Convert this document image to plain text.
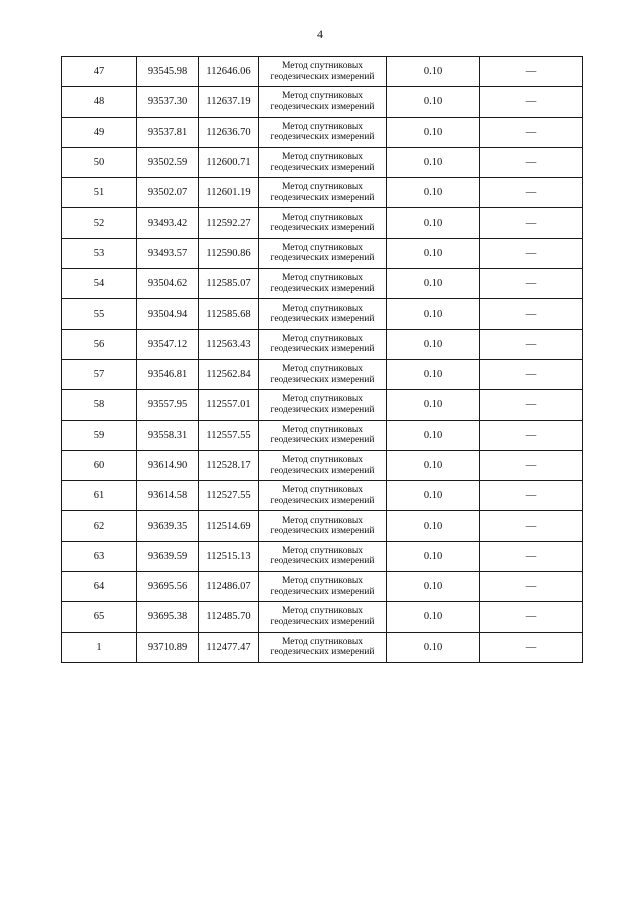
4
47	93545.98	112646.06	Метод спутниковых
геодезических измерений	0.10	—
48	93537.30	112637.19	Метод спутниковых
геодезических измерений	0.10	—
49	93537.81	112636.70	Метод спутниковых
геодезических измерений	0.10	—
50	93502.59	112600.71	Метод спутниковых
геодезических измерений	0.10	—
51	93502.07	112601.19	Метод спутниковых
геодезических измерений	0.10	—
52	93493.42	112592.27	Метод спутниковых
геодезических измерений	0.10	—
53	93493.57	112590.86	Метод спутниковых
геодезических измерений	0.10	—
54	93504.62	112585.07	Метод спутниковых
геодезических измерений	0.10	—
55	93504.94	112585.68	Метод спутниковых
геодезических измерений	0.10	—
56	93547.12	112563.43	Метод спутниковых
геодезических измерений	0.10	—
57	93546.81	112562.84	Метод спутниковых
геодезических измерений	0.10	—
58	93557.95	112557.01	Метод спутниковых
геодезических измерений	0.10	—
59	93558.31	112557.55	Метод спутниковых
геодезических измерений	0.10	—
60	93614.90	112528.17	Метод спутниковых
геодезических измерений	0.10	—
61	93614.58	112527.55	Метод спутниковых
геодезических измерений	0.10	—
62	93639.35	112514.69	Метод спутниковых
геодезических измерений	0.10	—
63	93639.59	112515.13	Метод спутниковых
геодезических измерений	0.10	—
64	93695.56	112486.07	Метод спутниковых
геодезических измерений	0.10	—
65	93695.38	112485.70	Метод спутниковых
геодезических измерений	0.10	—
1	93710.89	112477.47	Метод спутниковых
геодезических измерений	0.10	—
